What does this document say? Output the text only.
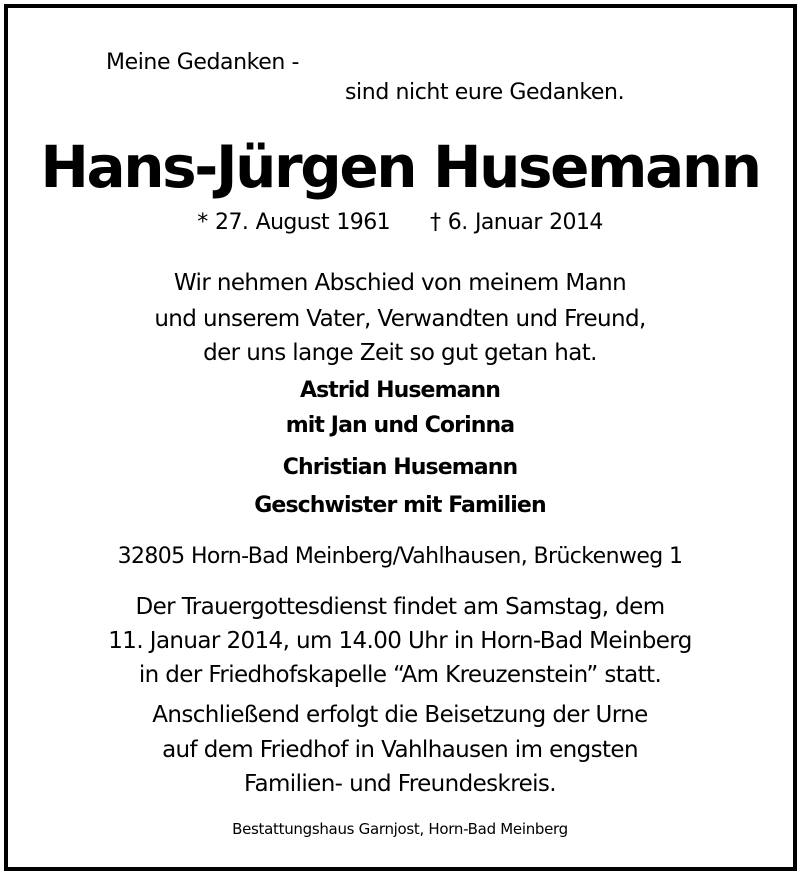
Meine Gedanken -
sind nicht eure Gedanken.
Hans-Jürgen Husemann
* 27. August 1961 † 6. Januar 2014
Wir nehmen Abschied von meinem Mann
und unserem Vater, Verwandten und Freund,
der uns lange Zeit so gut getan hat.
Astrid Husemann
mit Jan und Corinna
Christian Husemann
Geschwister mit Familien
32805 Horn-Bad Meinberg/Vahlhausen, Brückenweg 1
Der Trauergottesdienst findet am Samstag, dem
11. Januar 2014, um 14.00 Uhr in Horn-Bad Meinberg
in der Friedhofskapelle “Am Kreuzenstein” statt.
Anschließend erfolgt die Beisetzung der Urne
auf dem Friedhof in Vahlhausen im engsten
Familien- und Freundeskreis.
Bestattungshaus Garnjost, Horn-Bad Meinberg
